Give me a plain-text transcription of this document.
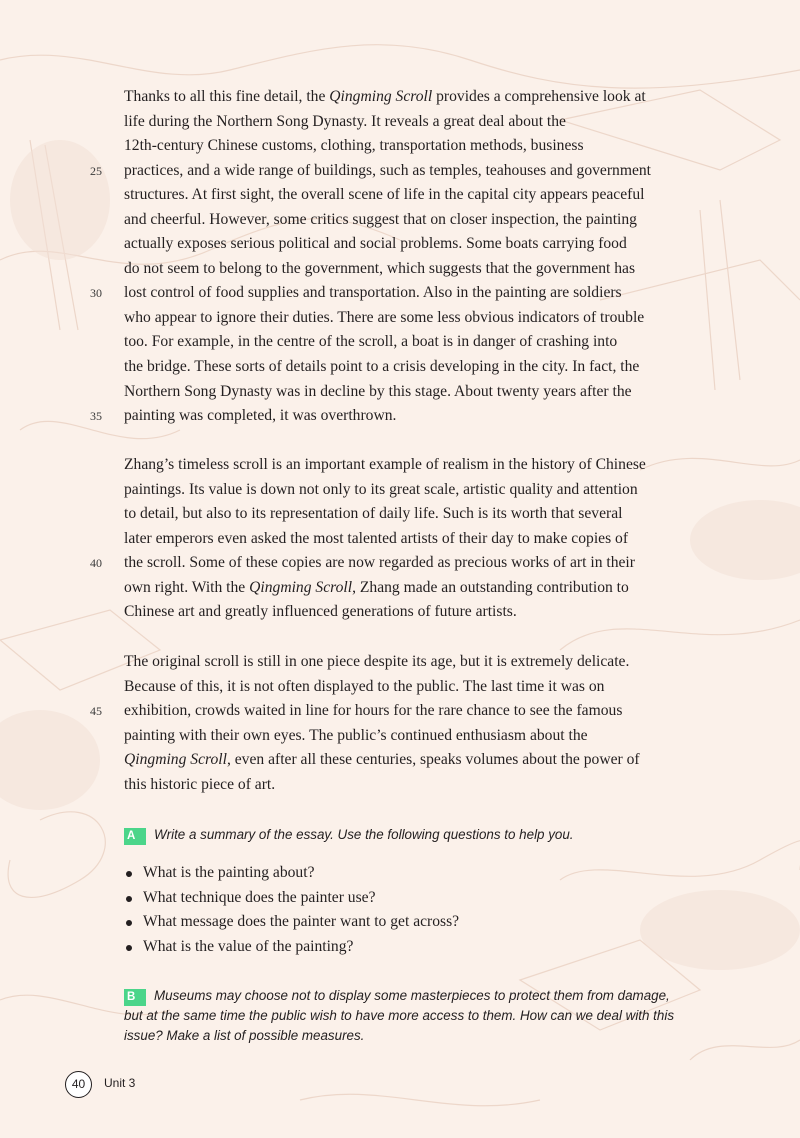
Thanks to all this fine detail, the Qingming Scroll provides a comprehensive look at
life during the Northern Song Dynasty. It reveals a great deal about the
12th-century Chinese customs, clothing, transportation methods, business
25 practices, and a wide range of buildings, such as temples, teahouses and government
structures. At first sight, the overall scene of life in the capital city appears peaceful
and cheerful. However, some critics suggest that on closer inspection, the painting
actually exposes serious political and social problems. Some boats carrying food
do not seem to belong to the government, which suggests that the government has
30 lost control of food supplies and transportation. Also in the painting are soldiers
who appear to ignore their duties. There are some less obvious indicators of trouble
too. For example, in the centre of the scroll, a boat is in danger of crashing into
the bridge. These sorts of details point to a crisis developing in the city. In fact, the
Northern Song Dynasty was in decline by this stage. About twenty years after the
35 painting was completed, it was overthrown.
Zhang’s timeless scroll is an important example of realism in the history of Chinese
paintings. Its value is down not only to its great scale, artistic quality and attention
to detail, but also to its representation of daily life. Such is its worth that several
later emperors even asked the most talented artists of their day to make copies of
40 the scroll. Some of these copies are now regarded as precious works of art in their
own right. With the Qingming Scroll, Zhang made an outstanding contribution to
Chinese art and greatly influenced generations of future artists.
The original scroll is still in one piece despite its age, but it is extremely delicate.
Because of this, it is not often displayed to the public. The last time it was on
45 exhibition, crowds waited in line for hours for the rare chance to see the famous
painting with their own eyes. The public’s continued enthusiasm about the
Qingming Scroll, even after all these centuries, speaks volumes about the power of
this historic piece of art.
A Write a summary of the essay. Use the following questions to help you.
What is the painting about?
What technique does the painter use?
What message does the painter want to get across?
What is the value of the painting?
B Museums may choose not to display some masterpieces to protect them from damage,
but at the same time the public wish to have more access to them. How can we deal with this
issue? Make a list of possible measures.
40	Unit 3
